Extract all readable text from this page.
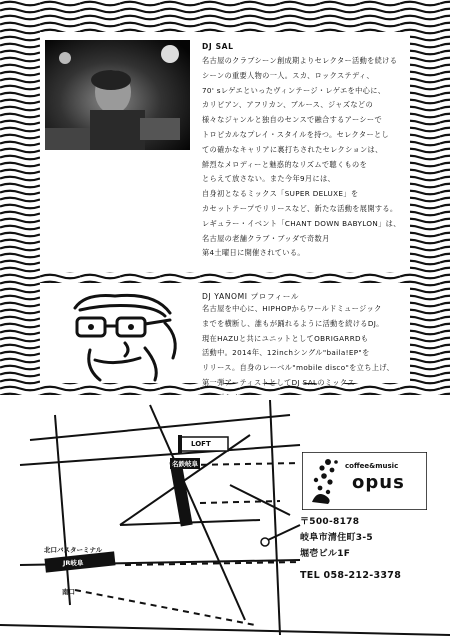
DJ SAL
名古屋のクラブシーン創成期よりセレクター活動を続ける
シーンの重要人物の一人。スカ、ロックステディ、
70' sレゲエといったヴィンテージ・レゲエを中心に、
カリビアン、アフリカン、ブルース、ジャズなどの
様々なジャンルと独自のセンスで融合するアーシーで
トロピカルなプレイ・スタイルを持つ。セレクターとし
ての確かなキャリアに裏打ちされたセレクションは、
鮮烈なメロディーと魅惑的なリズムで聴くものを
とらえて放さない。また今年9月には、
自身初となるミックス「SUPER DELUXE」を
カセットテープでリリースなど、新たな活動を展開する。
レギュラー・イベント「CHANT DOWN BABYLON」は、
名古屋の老舗クラブ・ブッダで奇数月
第4土曜日に開催されている。
DJ YANOMI プロフィール
名古屋を中心に、HIPHOPからワールドミュージック
までを横断し、誰もが踊れるように活動を続けるDJ。
現在HAZUと共にユニットとしてOBRIGARRDも
活動中。2014年、12inchシングル"baila!EP"を
リリース。自身のレーベル"mobile disco"を立ち上げ、
第一弾アーティストとしてDJ SALのミックス
LOFT
名鉄岐阜
北口バスターミナル
JR岐阜
南口
coffee&music
opus
〒500-8178
岐阜市清住町3-5
堀壱ビル1F
TEL 058-212-3378
